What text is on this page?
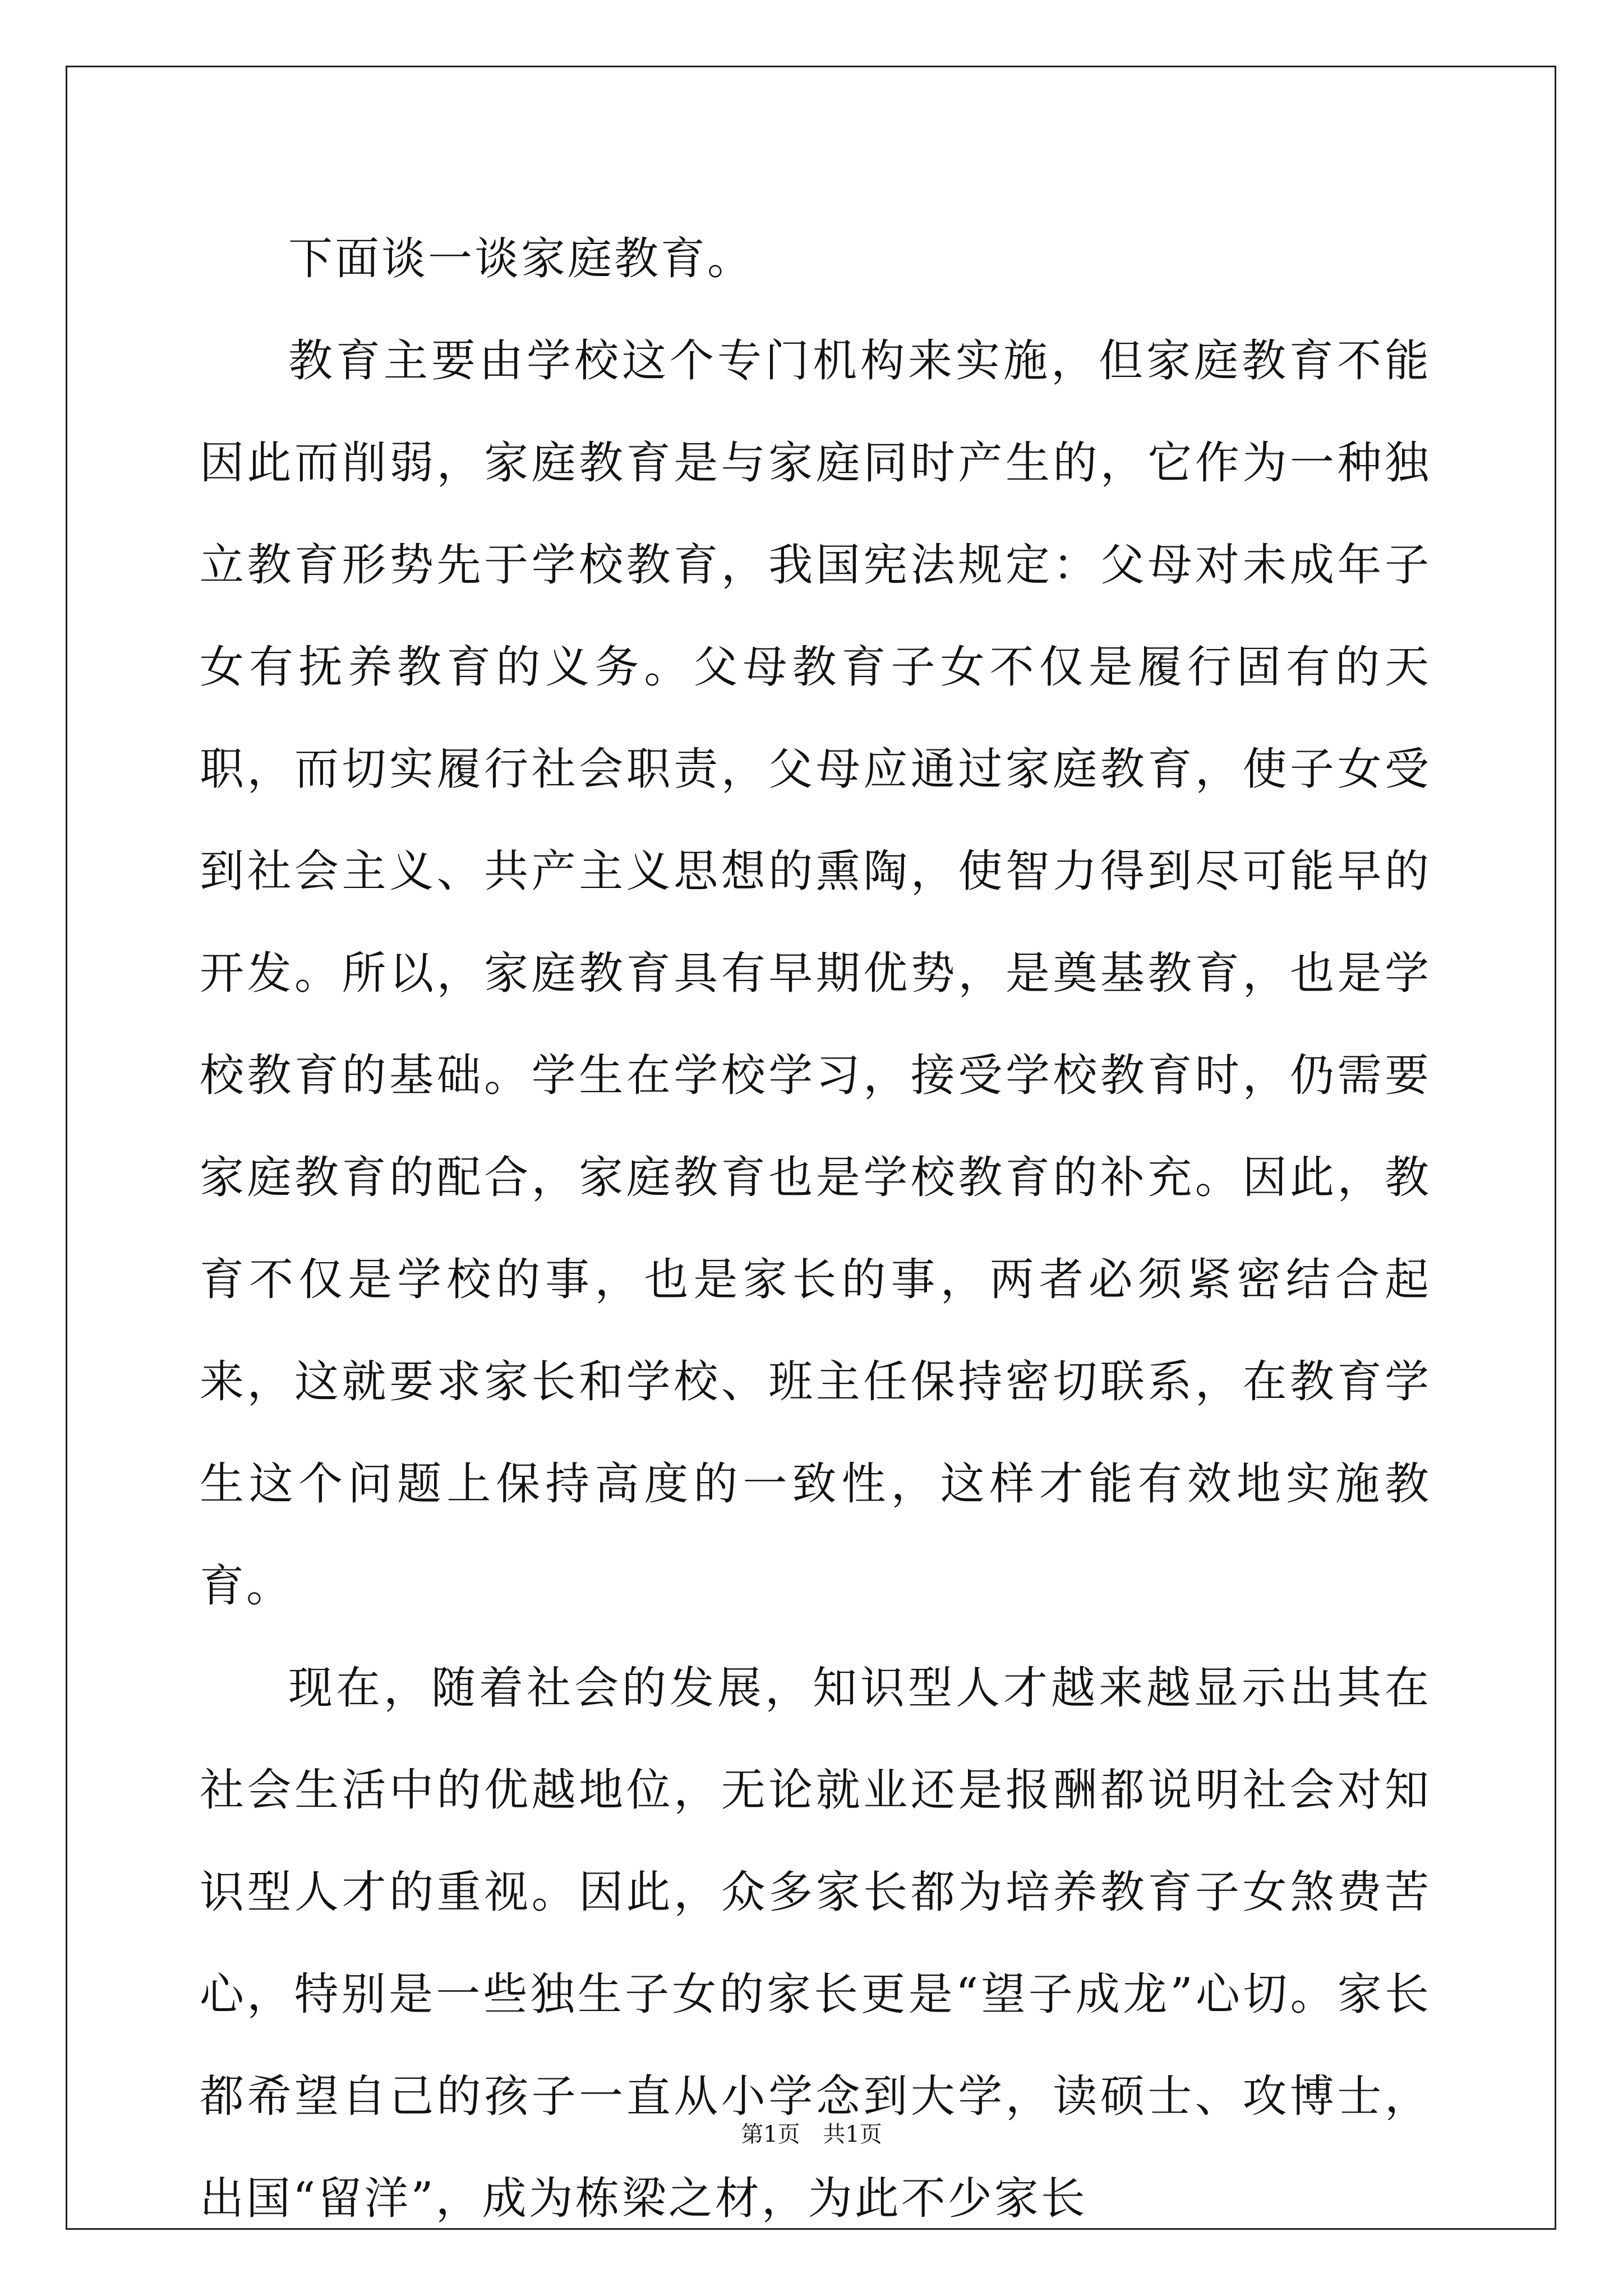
下面谈一谈家庭教育。

教育主要由学校这个专门机构来实施，但家庭教育不能因此而削弱，家庭教育是与家庭同时产生的，它作为一种独立教育形势先于学校教育，我国宪法规定：父母对未成年子女有抚养教育的义务。父母教育子女不仅是履行固有的天职，而切实履行社会职责，父母应通过家庭教育，使子女受到社会主义、共产主义思想的熏陶，使智力得到尽可能早的开发。所以，家庭教育具有早期优势，是奠基教育，也是学校教育的基础。学生在学校学习，接受学校教育时，仍需要家庭教育的配合，家庭教育也是学校教育的补充。因此，教育不仅是学校的事，也是家长的事，两者必须紧密结合起来，这就要求家长和学校、班主任保持密切联系，在教育学生这个问题上保持高度的一致性，这样才能有效地实施教育。

现在，随着社会的发展，知识型人才越来越显示出其在社会生活中的优越地位，无论就业还是报酬都说明社会对知识型人才的重视。因此，众多家长都为培养教育子女煞费苦心，特别是一些独生子女的家长更是“望子成龙”心切。家长都希望自己的孩子一直从小学念到大学，读硕士、攻博士，出国“留洋”，成为栋梁之材，为此不少家长

第1页 共1页
